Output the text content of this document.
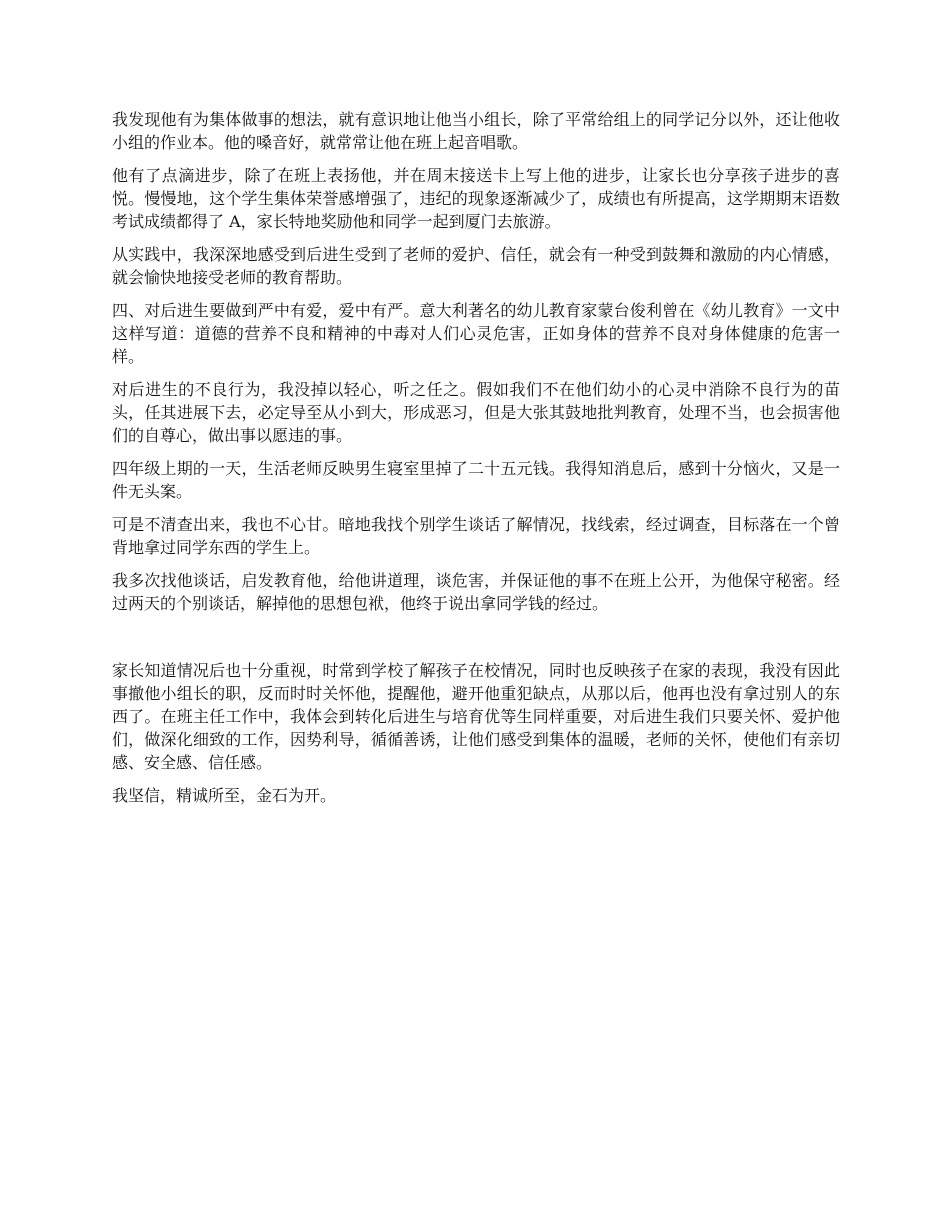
我发现他有为集体做事的想法，就有意识地让他当小组长，除了平常给组上的同学记分以外，还让他收小组的作业本。他的嗓音好，就常常让他在班上起音唱歌。

他有了点滴进步，除了在班上表扬他，并在周末接送卡上写上他的进步，让家长也分享孩子进步的喜悦。慢慢地，这个学生集体荣誉感增强了，违纪的现象逐渐减少了，成绩也有所提高，这学期期末语数考试成绩都得了 A，家长特地奖励他和同学一起到厦门去旅游。

从实践中，我深深地感受到后进生受到了老师的爱护、信任，就会有一种受到鼓舞和激励的内心情感，就会愉快地接受老师的教育帮助。

四、对后进生要做到严中有爱，爱中有严。意大利著名的幼儿教育家蒙台俊利曾在《幼儿教育》一文中这样写道：道德的营养不良和精神的中毒对人们心灵危害，正如身体的营养不良对身体健康的危害一样。

对后进生的不良行为，我没掉以轻心，听之任之。假如我们不在他们幼小的心灵中消除不良行为的苗头，任其进展下去，必定导至从小到大，形成恶习，但是大张其鼓地批判教育，处理不当，也会损害他们的自尊心，做出事以愿违的事。

四年级上期的一天，生活老师反映男生寝室里掉了二十五元钱。我得知消息后，感到十分恼火，又是一件无头案。

可是不清查出来，我也不心甘。暗地我找个别学生谈话了解情况，找线索，经过调查，目标落在一个曾背地拿过同学东西的学生上。

我多次找他谈话，启发教育他，给他讲道理，谈危害，并保证他的事不在班上公开，为他保守秘密。经过两天的个别谈话，解掉他的思想包袱，他终于说出拿同学钱的经过。

家长知道情况后也十分重视，时常到学校了解孩子在校情况，同时也反映孩子在家的表现，我没有因此事撤他小组长的职，反而时时关怀他，提醒他，避开他重犯缺点，从那以后，他再也没有拿过别人的东西了。在班主任工作中，我体会到转化后进生与培育优等生同样重要，对后进生我们只要关怀、爱护他们，做深化细致的工作，因势利导，循循善诱，让他们感受到集体的温暖，老师的关怀，使他们有亲切感、安全感、信任感。

我坚信，精诚所至，金石为开。
